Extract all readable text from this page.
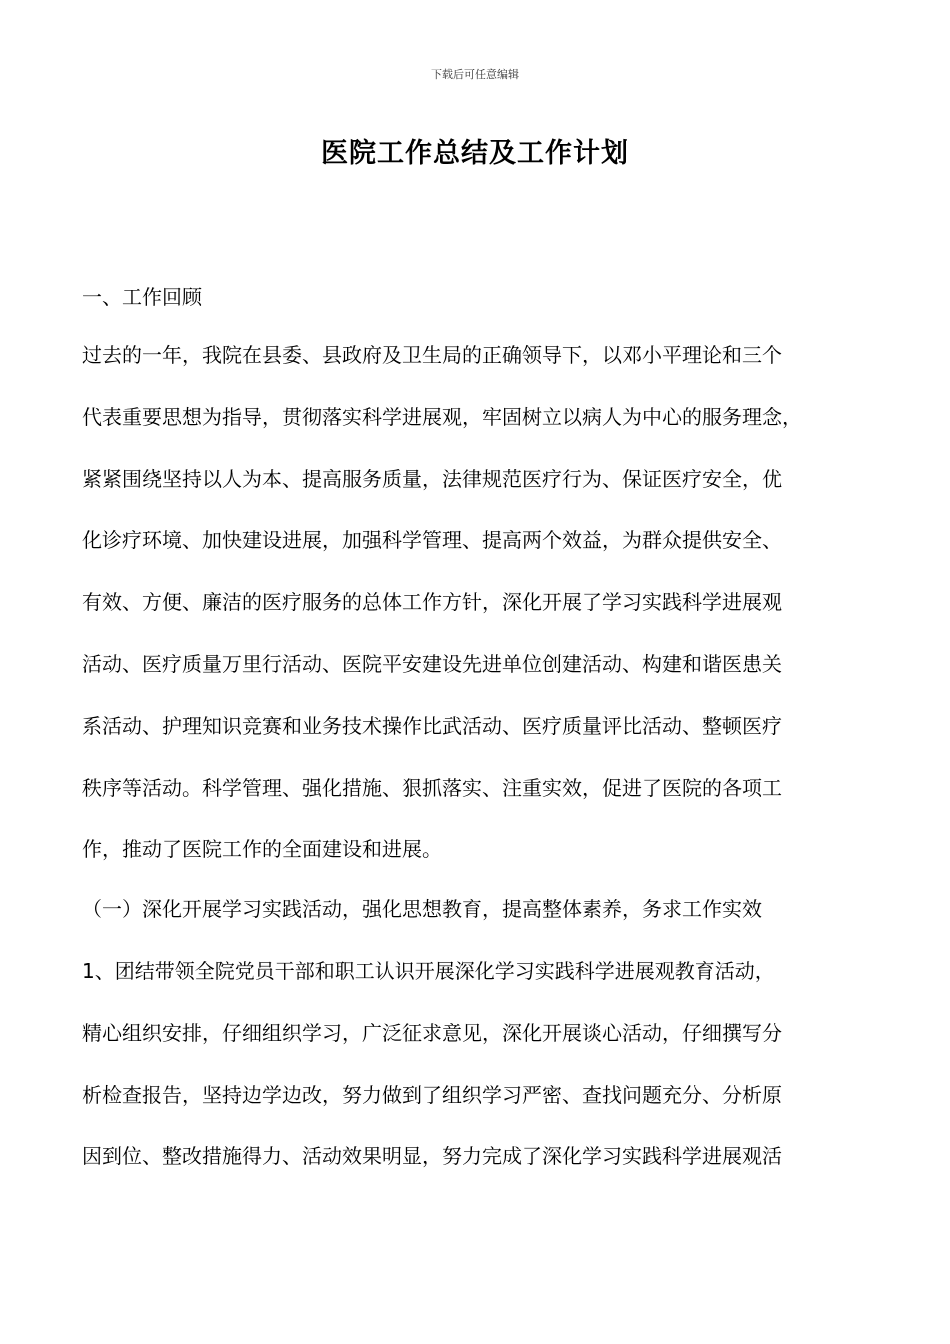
下载后可任意编辑
医院工作总结及工作计划
一、工作回顾
过去的一年，我院在县委、县政府及卫生局的正确领导下，以邓小平理论和三个
代表重要思想为指导，贯彻落实科学进展观，牢固树立以病人为中心的服务理念，
紧紧围绕坚持以人为本、提高服务质量，法律规范医疗行为、保证医疗安全，优
化诊疗环境、加快建设进展，加强科学管理、提高两个效益，为群众提供安全、
有效、方便、廉洁的医疗服务的总体工作方针，深化开展了学习实践科学进展观
活动、医疗质量万里行活动、医院平安建设先进单位创建活动、构建和谐医患关
系活动、护理知识竞赛和业务技术操作比武活动、医疗质量评比活动、整顿医疗
秩序等活动。科学管理、强化措施、狠抓落实、注重实效，促进了医院的各项工
作，推动了医院工作的全面建设和进展。
（一）深化开展学习实践活动，强化思想教育，提高整体素养，务求工作实效
1、团结带领全院党员干部和职工认识开展深化学习实践科学进展观教育活动，
精心组织安排，仔细组织学习，广泛征求意见，深化开展谈心活动，仔细撰写分
析检查报告，坚持边学边改，努力做到了组织学习严密、查找问题充分、分析原
因到位、整改措施得力、活动效果明显，努力完成了深化学习实践科学进展观活
